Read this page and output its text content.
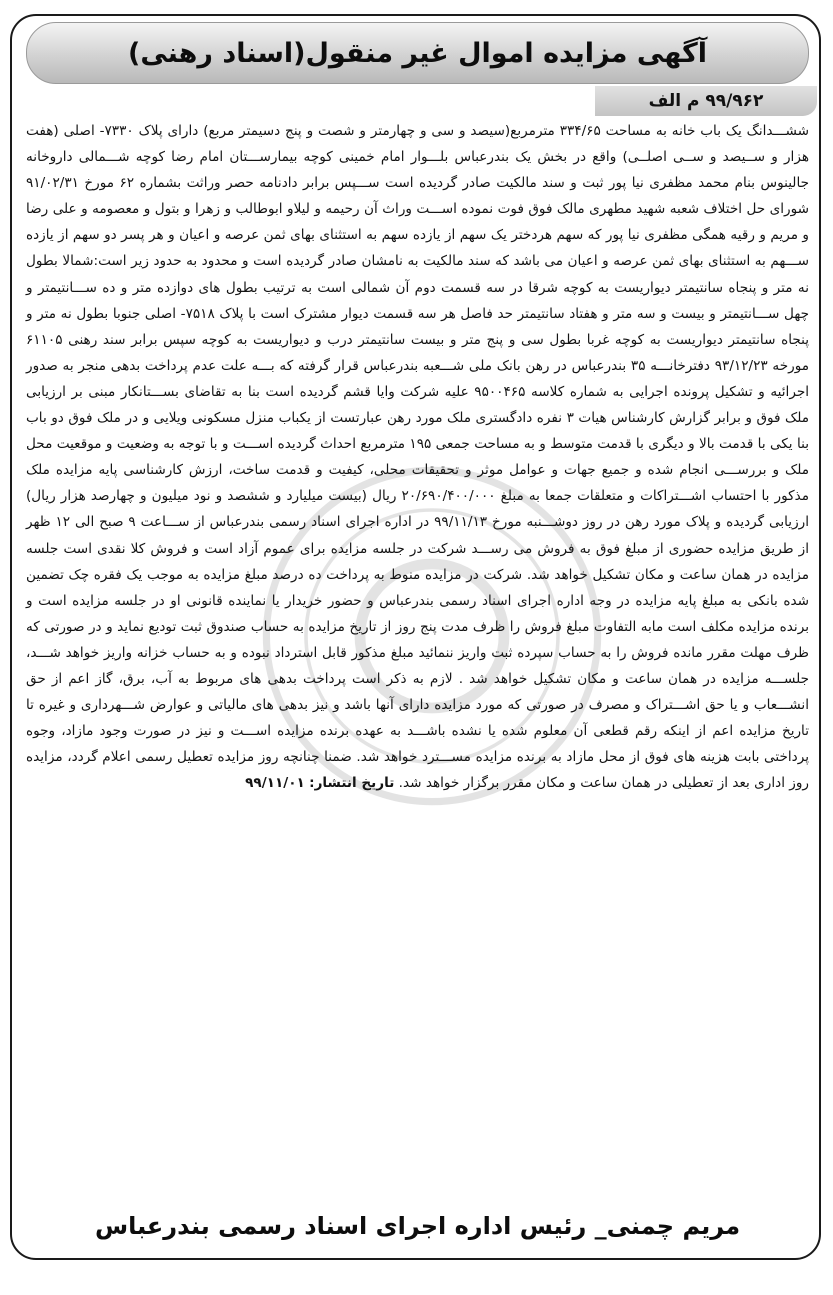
آگهی مزایده اموال غیر منقول(اسناد رهنی)
۹۹/۹۶۲ م الف

ششـــدانگ یک باب خانه به مساحت ۳۳۴/۶۵ مترمربع(سیصد و سی و چهارمتر و شصت و پنج دسیمتر مربع) دارای پلاک ۷۳۳۰- اصلی (هفت هزار و ســیصد و ســی اصلــی) واقع در بخش یک بندرعباس بلـــوار امام خمینی کوچه بیمارســـتان امام رضا کوچه شـــمالی داروخانه جالینوس بنام محمد مظفری نیا پور ثبت و سند مالکیت صادر گردیده است ســـپس برابر دادنامه حصر وراثت بشماره ۶۲ مورخ ۹۱/۰۲/۳۱ شورای حل اختلاف شعبه شهید مطهری مالک فوق فوت نموده اســـت وراث آن رحیمه و لیلاو ابوطالب و زهرا و بتول و معصومه و علی رضا و مریم و رقیه همگی مظفری نیا پور که سهم هردختر یک سهم از یازده سهم به استثنای بهای ثمن عرصه و اعیان و هر پسر دو سهم از یازده ســـهم به استثنای بهای ثمن عرصه و اعیان می باشد که سند مالکیت به نامشان صادر گردیده است و محدود به حدود زیر است:شمالا بطول نه متر و پنجاه سانتیمتر دیواریست به کوچه شرقا در سه قسمت دوم آن شمالی است به ترتیب بطول های دوازده متر و ده ســـانتیمتر و چهل ســـانتیمتر و بیست و سه متر و هفتاد سانتیمتر حد فاصل هر سه قسمت دیوار مشترک است با پلاک ۷۵۱۸- اصلی جنوبا بطول نه متر و پنجاه سانتیمتر دیواریست به کوچه غربا بطول سی و پنج متر و بیست سانتیمتر درب و دیواریست به کوچه سپس برابر سند رهنی ۶۱۱۰۵ مورخه ۹۳/۱۲/۲۳ دفترخانـــه ۳۵ بندرعباس در رهن بانک ملی شـــعبه بندرعباس قرار گرفته که بـــه علت عدم پرداخت بدهی منجر به صدور اجرائیه و تشکیل پرونده اجرایی به شماره کلاسه ۹۵۰۰۴۶۵ علیه شرکت وایا قشم گردیده است بنا به تقاضای بســـتانکار مبنی بر ارزیابی ملک فوق و برابر گزارش کارشناس هیات ۳ نفره دادگستری ملک مورد رهن عبارتست از یکباب منزل مسکونی ویلایی و در ملک فوق دو باب بنا یکی با قدمت بالا و دیگری با قدمت متوسط و به مساحت جمعی ۱۹۵ مترمربع احداث گردیده اســـت و با توجه به وضعیت و موقعیت محل ملک و بررســـی انجام شده و جمیع جهات و عوامل موثر و تحقیقات محلی، کیفیت و قدمت ساخت، ارزش کارشناسی پایه مزایده ملک مذکور با احتساب اشـــتراکات و متعلقات جمعا به مبلغ ۲۰/۶۹۰/۴۰۰/۰۰۰ ریال (بیست میلیارد و ششصد و نود میلیون و چهارصد هزار ریال) ارزیابی گردیده و پلاک مورد رهن در روز دوشـــنبه مورخ ۹۹/۱۱/۱۳ در اداره اجرای اسناد رسمی بندرعباس از ســـاعت ۹ صبح الی ۱۲ ظهر از طریق مزایده حضوری از مبلغ فوق به فروش می رســـد شرکت در جلسه مزایده برای عموم آزاد است و فروش کلا نقدی است جلسه مزایده در همان ساعت و مکان تشکیل خواهد شد. شرکت در مزایده منوط به پرداخت ده درصد مبلغ مزایده به موجب یک فقره چک تضمین شده بانکی به مبلغ پایه مزایده در وجه اداره اجرای اسناد رسمی بندرعباس و حضور خریدار یا نماینده قانونی او در جلسه مزایده است و برنده مزایده مکلف است مابه التفاوت مبلغ فروش را ظرف مدت پنج روز از تاریخ مزایده به حساب صندوق ثبت تودیع نماید و در صورتی که ظرف مهلت مقرر مانده فروش را به حساب سپرده ثبت واریز ننمائید مبلغ مذکور قابل استرداد نبوده و به حساب خزانه واریز خواهد شـــد، جلســـه مزایده در همان ساعت و مکان تشکیل خواهد شد . لازم به ذکر است پرداخت بدهی های مربوط به آب، برق، گاز اعم از حق انشـــعاب و یا حق اشـــتراک و مصرف در صورتی که مورد مزایده دارای آنها باشد و نیز بدهی های مالیاتی و عوارض شـــهرداری و غیره تا تاریخ مزایده اعم از اینکه رقم قطعی آن معلوم شده یا نشده باشـــد به عهده برنده مزایده اســـت و نیز در صورت وجود مازاد، وجوه پرداختی بابت هزینه های فوق از محل مازاد به برنده مزایده مســـترد خواهد شد. ضمنا چنانچه روز مزایده تعطیل رسمی اعلام گردد، مزایده روز اداری بعد از تعطیلی در همان ساعت و مکان مقرر برگزار خواهد شد. تاریخ انتشار: ۹۹/۱۱/۰۱

مریم چمنی_ رئیس اداره اجرای اسناد رسمی بندرعباس
